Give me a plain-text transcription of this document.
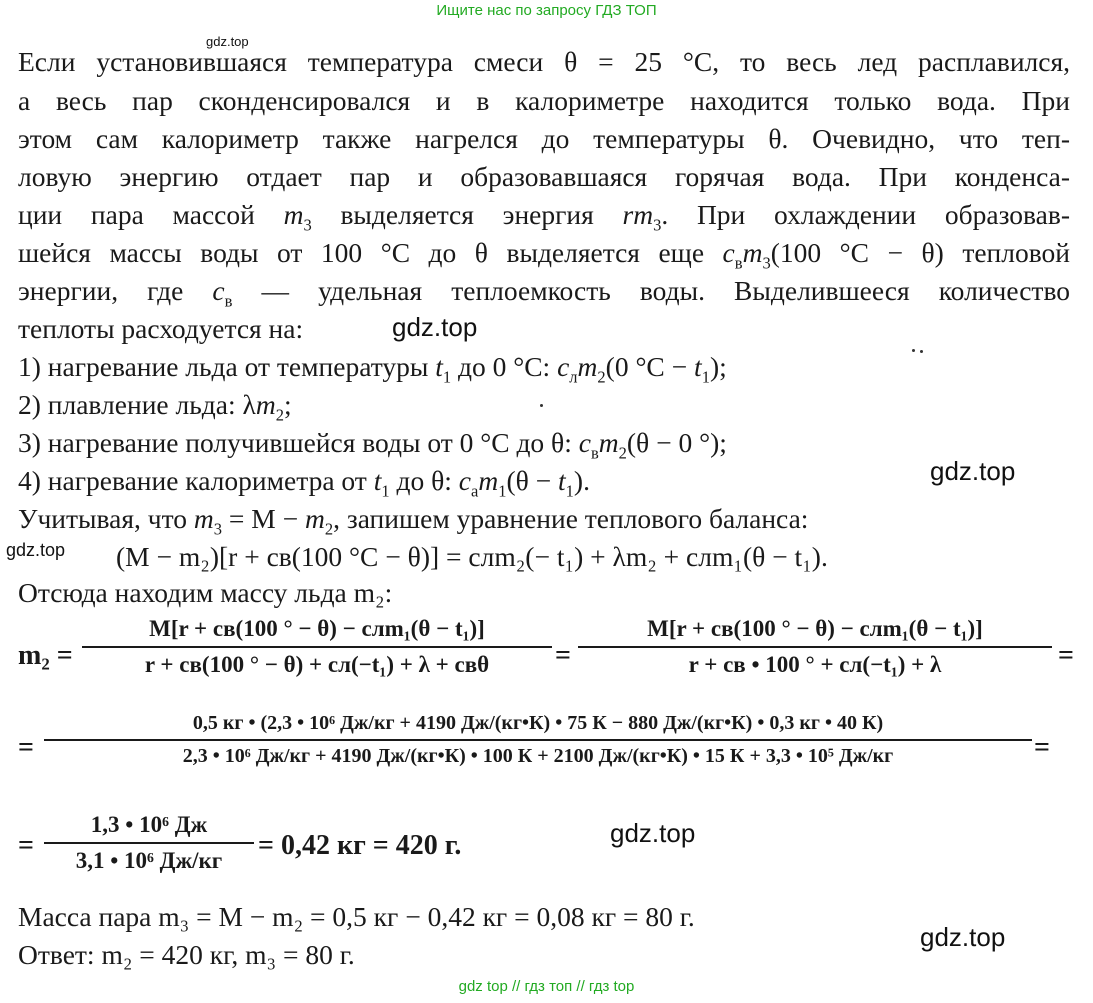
Ищите нас по запросу ГДЗ ТОП
gdz.top
Если установившаяся температура смеси θ = 25 °С, то весь лед расплавился,
а весь пар сконденсировался и в калориметре находится только вода. При
этом сам калориметр также нагрелся до температуры θ. Очевидно, что теп-
ловую энергию отдает пар и образовавшаяся горячая вода. При конденса-
ции пара массой $m_3$ выделяется энергия $rm_3$. При охлаждении образовав-
шейся массы воды от 100 °С до θ выделяется еще $c_вm_3(100$ °С − θ) тепловой
энергии, где $c_в$ — удельная теплоемкость воды. Выделившееся количество
теплоты расходуется на:	gdz.top
1) нагревание льда от температуры $t_1$ до 0 °С: $c_лm_2(0$ $^\circ С - t_1$);
2) плавление льда: $\lambda m_2$;
3) нагревание получившейся воды от 0 °С до θ: $c_вm_2(\theta - 0$ °);
4) нагревание калориметра от $t_1$ до θ: $c_аm_1(\theta - t_1)$.	gdz.top
Учитывая, что $m_3 = M - m_2$, запишем уравнение теплового баланса:
gdz.top (M − m₂)[r + cв(100 °С − θ)] = cлm₂(− t₁) + λm₂ + cлm₁(θ − t₁).
Отсюда находим массу льда m₂:
m₂ =
M[r + cв(100 ° − θ) − cлm₁(θ − t₁)]
r + cв(100 ° − θ) + cл(−t₁) + λ + cвθ	=
M[r + cв(100 ° − θ) − cлm₁(θ − t₁)]
r + cв • 100 ° + cл(−t₁) + λ	=
=
0,5 кг • (2,3 • 10⁶ Дж/кг + 4190 Дж/(кг•К) • 75 К − 880 Дж/(кг•К) • 0,3 кг • 40 К)
2,3 • 10⁶ Дж/кг + 4190 Дж/(кг•К) • 100 К + 2100 Дж/(кг•К) • 15 К + 3,3 • 10⁵ Дж/кг	=
=
1,3 • 10⁶ Дж
3,1 • 10⁶ Дж/кг	= 0,42 кг = 420 г.	gdz.top
Масса пара m₃ = M − m₂ = 0,5 кг − 0,42 кг = 0,08 кг = 80 г.
Ответ: m₂ = 420 кг, m₃ = 80 г.
gdz.top
gdz top // гдз топ // гдз top
